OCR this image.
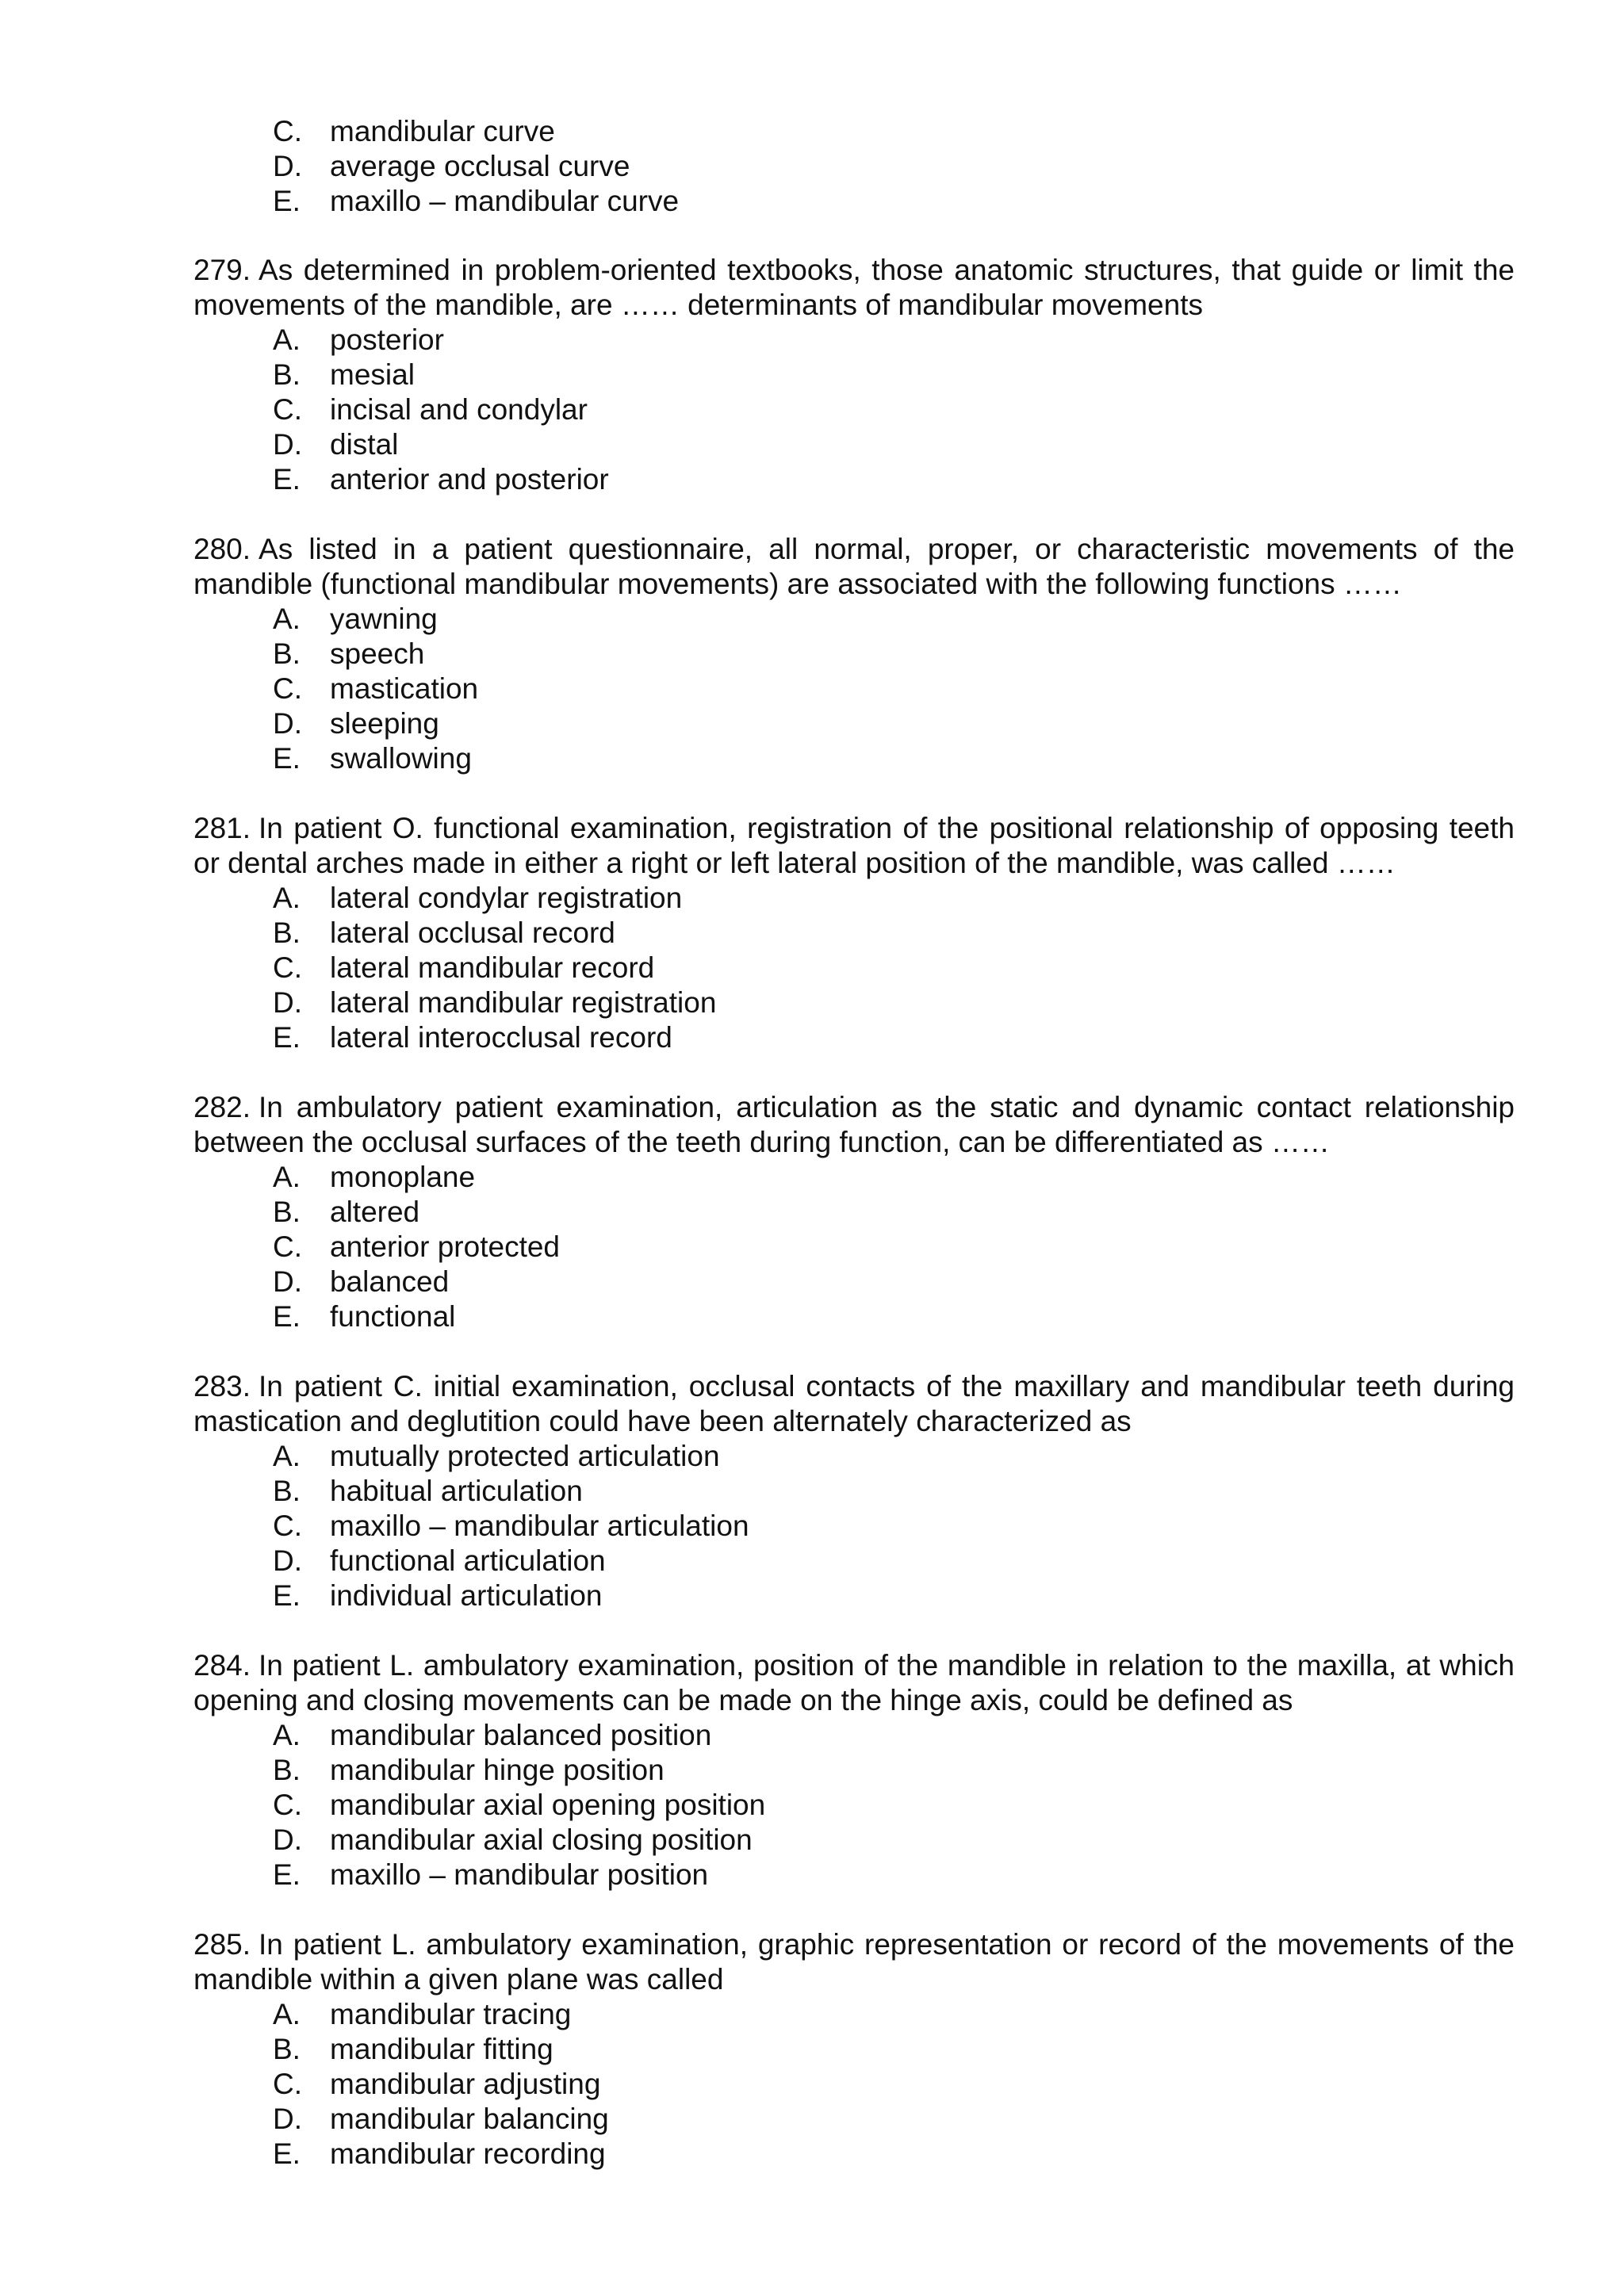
C. mandibular curve
D. average occlusal curve
E. maxillo – mandibular curve

279. As determined in problem-oriented textbooks, those anatomic structures, that guide or limit the movements of the mandible, are …… determinants of mandibular movements

A. posterior
B. mesial
C. incisal and condylar
D. distal
E. anterior and posterior

280. As listed in a patient questionnaire, all normal, proper, or characteristic movements of the mandible (functional mandibular movements) are associated with the following functions ……

A. yawning
B. speech
C. mastication
D. sleeping
E. swallowing

281. In patient O. functional examination, registration of the positional relationship of opposing teeth or dental arches made in either a right or left lateral position of the mandible, was called ……

A. lateral condylar registration
B. lateral occlusal record
C. lateral mandibular record
D. lateral mandibular registration
E. lateral interocclusal record

282. In ambulatory patient examination, articulation as the static and dynamic contact relationship between the occlusal surfaces of the teeth during function, can be differentiated as ……

A. monoplane
B. altered
C. anterior protected
D. balanced
E. functional

283. In patient C. initial examination, occlusal contacts of the maxillary and mandibular teeth during mastication and deglutition could have been alternately characterized as

A. mutually protected articulation
B. habitual articulation
C. maxillo – mandibular articulation
D. functional articulation
E. individual articulation

284. In patient L. ambulatory examination, position of the mandible in relation to the maxilla, at which opening and closing movements can be made on the hinge axis, could be defined as

A. mandibular balanced position
B. mandibular hinge position
C. mandibular axial opening position
D. mandibular axial closing position
E. maxillo – mandibular position

285. In patient L. ambulatory examination, graphic representation or record of the movements of the mandible within a given plane was called

A. mandibular tracing
B. mandibular fitting
C. mandibular adjusting
D. mandibular balancing
E. mandibular recording
